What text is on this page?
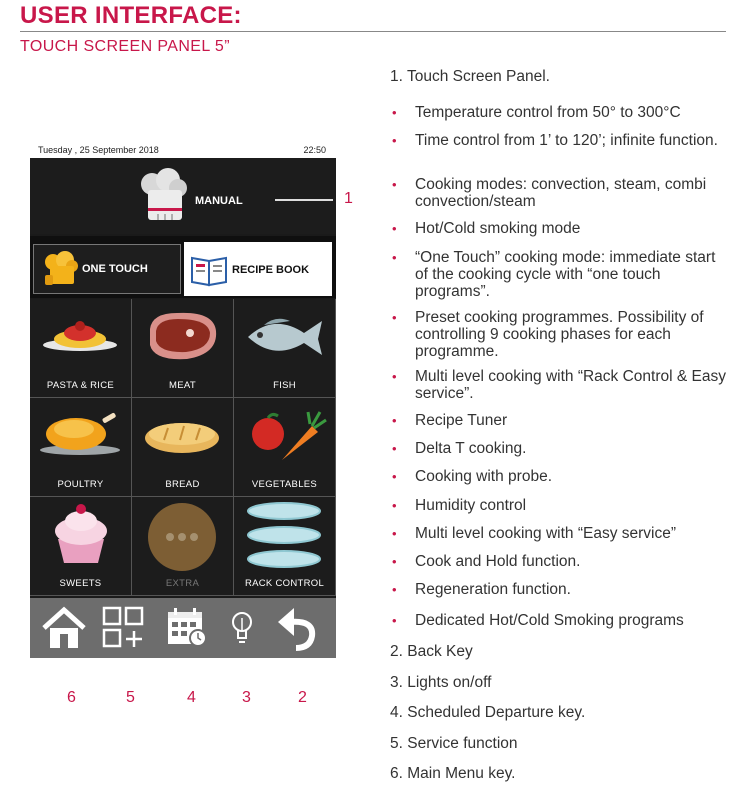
USER INTERFACE:
TOUCH SCREEN PANEL 5”
Tuesday , 25 September 2018	22:50
MANUAL
ONE TOUCH	RECIPE BOOK
PASTA & RICE	MEAT	FISH
POULTRY	BREAD	VEGETABLES
SWEETS	EXTRA	RACK CONTROL
1
6	5	4	3	2
1. Touch Screen Panel.
• Temperature control from 50° to 300°C
• Time control from 1’ to 120’; infinite function.
• Cooking modes: convection, steam, combi convection/steam
• Hot/Cold smoking mode
• “One Touch” cooking mode: immediate start of the cooking cycle with “one touch programs”.
• Preset cooking programmes. Possibility of controlling 9 cooking phases for each programme.
• Multi level cooking with “Rack Control & Easy service”.
• Recipe Tuner
• Delta T cooking.
• Cooking with probe.
• Humidity control
• Multi level cooking with “Easy service”
• Cook and Hold function.
• Regeneration function.
• Dedicated Hot/Cold Smoking programs
2. Back Key
3. Lights on/off
4. Scheduled Departure key.
5. Service function
6. Main Menu key.
